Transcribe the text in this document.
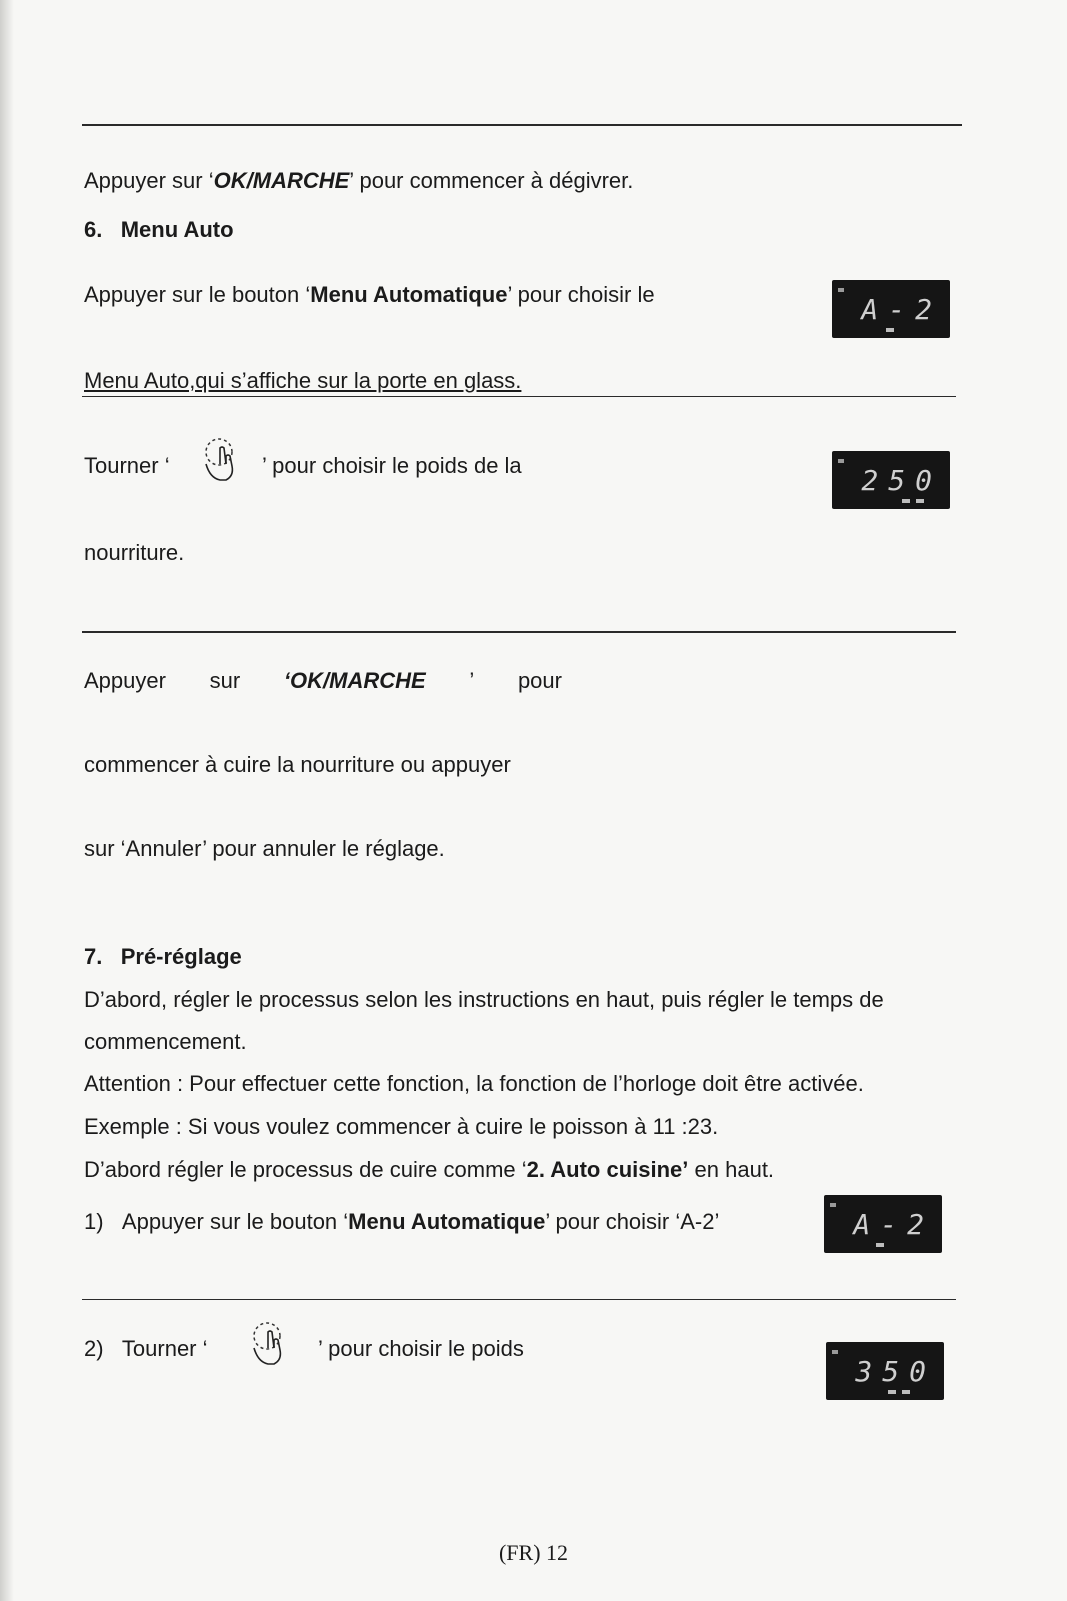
Appuyer sur ‘OK/MARCHE’ pour commencer à dégivrer.
6. Menu Auto
Appuyer sur le bouton ‘Menu Automatique’ pour choisir le	A-2
Menu Auto,qui s’affiche sur la porte en glass.
Tourner ‘	’ pour choisir le poids de la	250
nourriture.
Appuyer sur ‘OK/MARCHE ’ pour
commencer à cuire la nourriture ou appuyer
sur ‘Annuler’ pour annuler le réglage.
7. Pré-réglage
D’abord, régler le processus selon les instructions en haut, puis régler le temps de
commencement.
Attention : Pour effectuer cette fonction, la fonction de l’horloge doit être activée.
Exemple : Si vous voulez commencer à cuire le poisson à 11 :23.
D’abord régler le processus de cuire comme ‘2. Auto cuisine’ en haut.
1) Appuyer sur le bouton ‘Menu Automatique’ pour choisir ‘A-2’	A-2
2) Tourner ‘	’ pour choisir le poids
350
(FR) 12
